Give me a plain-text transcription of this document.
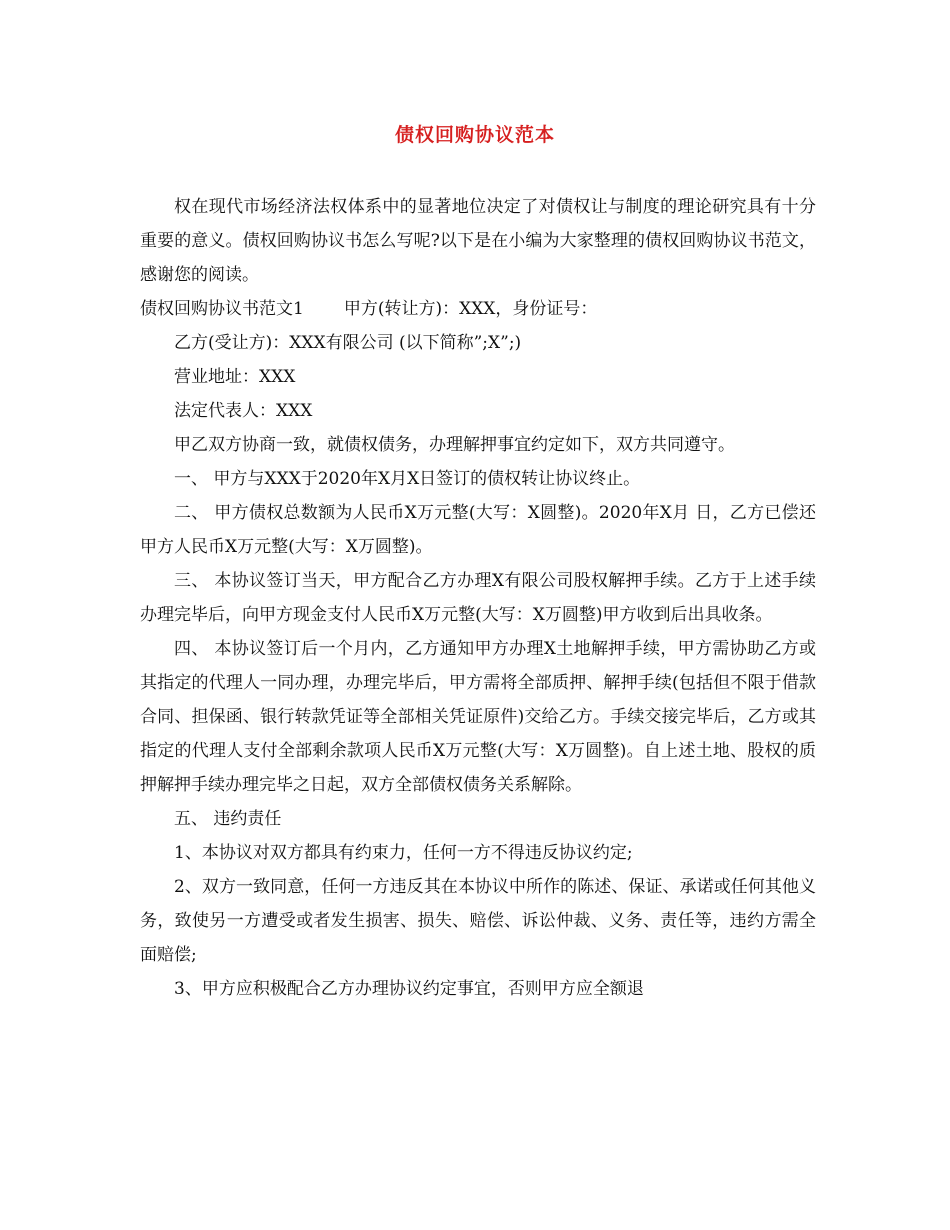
债权回购协议范本

权在现代市场经济法权体系中的显著地位决定了对债权让与制度的理论研究具有十分重要的意义。债权回购协议书怎么写呢?以下是在小编为大家整理的债权回购协议书范文，感谢您的阅读。

债权回购协议书范文1 甲方(转让方)：XXX，身份证号：

乙方(受让方)：XXX有限公司 (以下简称”;X”;)

营业地址：XXX

法定代表人：XXX

甲乙双方协商一致，就债权债务，办理解押事宜约定如下，双方共同遵守。

一、 甲方与XXX于2020年X月X日签订的债权转让协议终止。

二、 甲方债权总数额为人民币X万元整(大写：X圆整)。2020年X月 日，乙方已偿还甲方人民币X万元整(大写：X万圆整)。

三、 本协议签订当天，甲方配合乙方办理X有限公司股权解押手续。乙方于上述手续办理完毕后，向甲方现金支付人民币X万元整(大写：X万圆整)甲方收到后出具收条。

四、 本协议签订后一个月内，乙方通知甲方办理X土地解押手续，甲方需协助乙方或其指定的代理人一同办理，办理完毕后，甲方需将全部质押、解押手续(包括但不限于借款合同、担保函、银行转款凭证等全部相关凭证原件)交给乙方。手续交接完毕后，乙方或其指定的代理人支付全部剩余款项人民币X万元整(大写：X万圆整)。自上述土地、股权的质押解押手续办理完毕之日起，双方全部债权债务关系解除。

五、 违约责任

1、本协议对双方都具有约束力，任何一方不得违反协议约定;

2、双方一致同意，任何一方违反其在本协议中所作的陈述、保证、承诺或任何其他义务，致使另一方遭受或者发生损害、损失、赔偿、诉讼仲裁、义务、责任等，违约方需全面赔偿;

3、甲方应积极配合乙方办理协议约定事宜，否则甲方应全额退
